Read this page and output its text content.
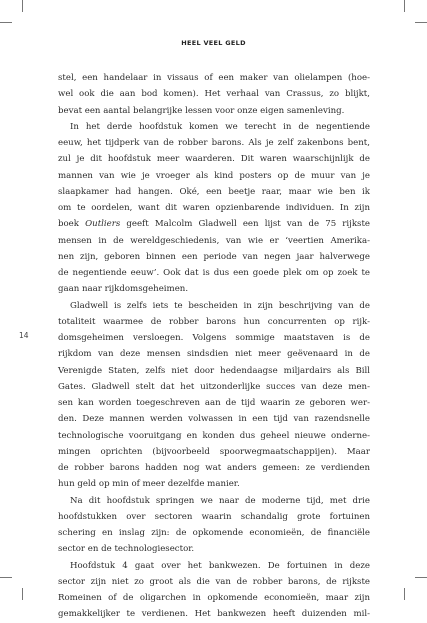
HEEL VEEL GELD
14
stel, een handelaar in vissaus of een maker van olielampen (hoe-
wel ook die aan bod komen). Het verhaal van Crassus, zo blijkt,
bevat een aantal belangrijke lessen voor onze eigen samenleving.
In het derde hoofdstuk komen we terecht in de negentiende
eeuw, het tijdperk van de robber barons. Als je zelf zakenbons bent,
zul je dit hoofdstuk meer waarderen. Dit waren waarschijnlijk de
mannen van wie je vroeger als kind posters op de muur van je
slaapkamer had hangen. Oké, een beetje raar, maar wie ben ik
om te oordelen, want dit waren opzienbarende individuen. In zijn
boek Outliers geeft Malcolm Gladwell een lijst van de 75 rijkste
mensen in de wereldgeschiedenis, van wie er ‘veertien Amerika-
nen zijn, geboren binnen een periode van negen jaar halverwege
de negentiende eeuw’. Ook dat is dus een goede plek om op zoek te
gaan naar rijkdomsgeheimen.
Gladwell is zelfs iets te bescheiden in zijn beschrijving van de
totaliteit waarmee de robber barons hun concurrenten op rijk-
domsgeheimen versloegen. Volgens sommige maatstaven is de
rijkdom van deze mensen sindsdien niet meer geëvenaard in de
Verenigde Staten, zelfs niet door hedendaagse miljardairs als Bill
Gates. Gladwell stelt dat het uitzonderlijke succes van deze men-
sen kan worden toegeschreven aan de tijd waarin ze geboren wer-
den. Deze mannen werden volwassen in een tijd van razendsnelle
technologische vooruitgang en konden dus geheel nieuwe onderne-
mingen oprichten (bijvoorbeeld spoorwegmaatschappijen). Maar
de robber barons hadden nog wat anders gemeen: ze verdienden
hun geld op min of meer dezelfde manier.
Na dit hoofdstuk springen we naar de moderne tijd, met drie
hoofdstukken over sectoren waarin schandalig grote fortuinen
schering en inslag zijn: de opkomende economieën, de financiële
sector en de technologiesector.
Hoofdstuk 4 gaat over het bankwezen. De fortuinen in deze
sector zijn niet zo groot als die van de robber barons, de rijkste
Romeinen of de oligarchen in opkomende economieën, maar zijn
gemakkelijker te verdienen. Het bankwezen heeft duizenden mil-
